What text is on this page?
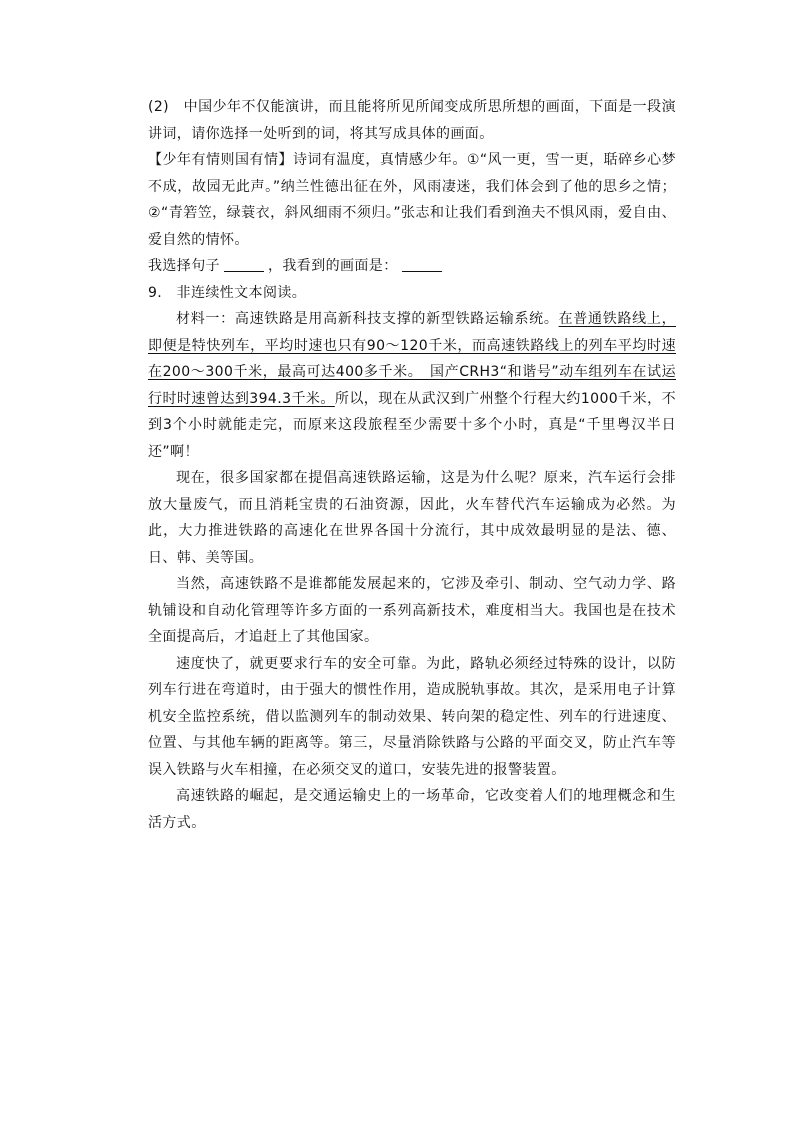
(2)　中国少年不仅能演讲，而且能将所见所闻变成所思所想的画面，下面是一段演讲词，请你选择一处听到的词，将其写成具体的画面。

【少年有情则国有情】诗词有温度，真情感少年。①“风一更，雪一更，聒碎乡心梦不成，故园无此声。”纳兰性德出征在外，风雨凄迷，我们体会到了他的思乡之情；②“青箬笠，绿蓑衣，斜风细雨不须归。”张志和让我们看到渔夫不惧风雨，爱自由、爱自然的情怀。

我选择句子	，我看到的画面是：

9.　非连续性文本阅读。

材料一：高速铁路是用高新科技支撑的新型铁路运输系统。在普通铁路线上，即便是特快列车，平均时速也只有90～120千米，而高速铁路线上的列车平均时速在200～300千米，最高可达400多千米。　国产CRH3“和谐号”动车组列车在试运行时时速曾达到394.3千米。所以，现在从武汉到广州整个行程大约1000千米，不到3个小时就能走完，而原来这段旅程至少需要十多个小时，真是“千里粤汉半日还”啊！

现在，很多国家都在提倡高速铁路运输，这是为什么呢？原来，汽车运行会排放大量废气，而且消耗宝贵的石油资源，因此，火车替代汽车运输成为必然。为此，大力推进铁路的高速化在世界各国十分流行，其中成效最明显的是法、德、日、韩、美等国。

当然，高速铁路不是谁都能发展起来的，它涉及牵引、制动、空气动力学、路轨铺设和自动化管理等许多方面的一系列高新技术，难度相当大。我国也是在技术全面提高后，才追赶上了其他国家。

速度快了，就更要求行车的安全可靠。为此，路轨必须经过特殊的设计，以防列车行进在弯道时，由于强大的惯性作用，造成脱轨事故。其次，是采用电子计算机安全监控系统，借以监测列车的制动效果、转向架的稳定性、列车的行进速度、位置、与其他车辆的距离等。第三，尽量消除铁路与公路的平面交叉，防止汽车等误入铁路与火车相撞，在必须交叉的道口，安装先进的报警装置。

高速铁路的崛起，是交通运输史上的一场革命，它改变着人们的地理概念和生活方式。
